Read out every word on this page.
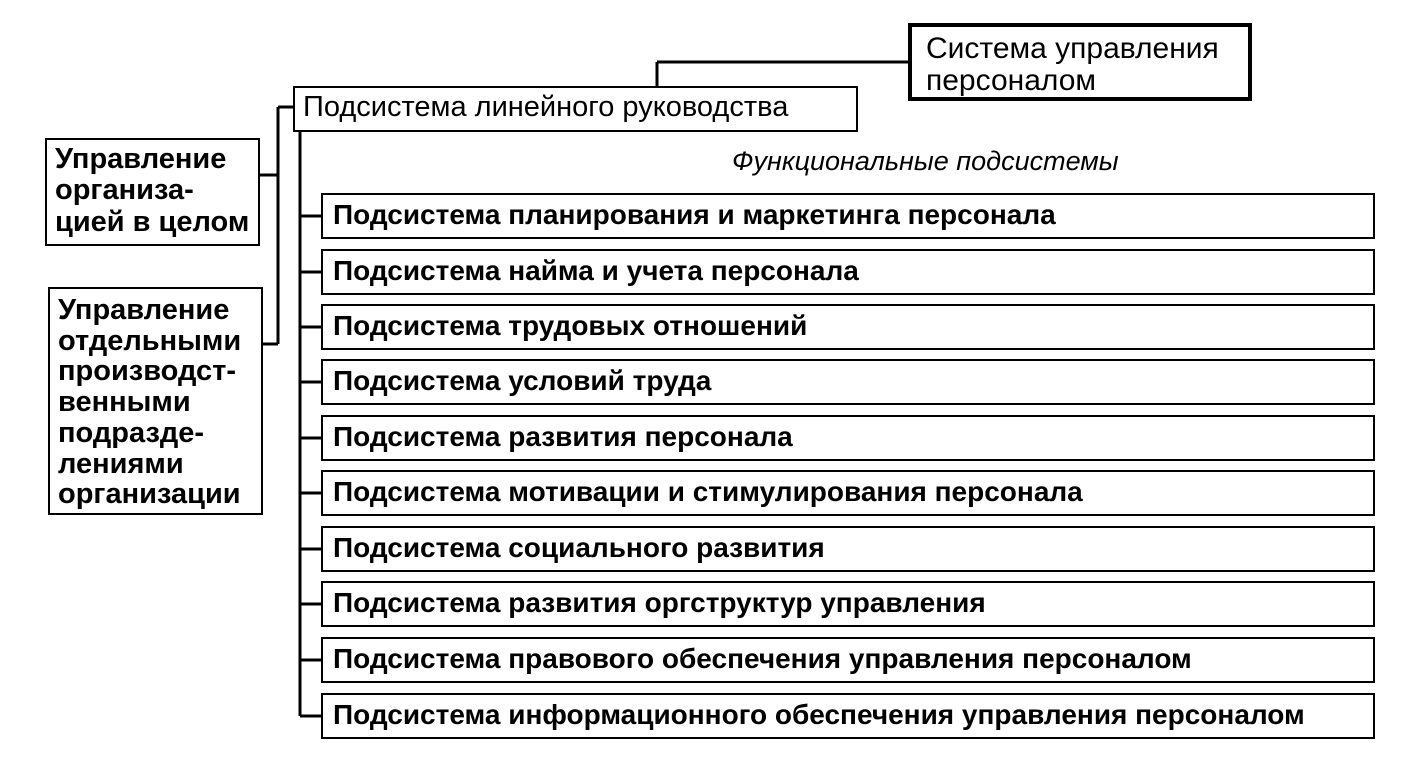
Система управления
персоналом
Подсистема линейного руководства
Управление
организа-
цией в целом
Управление
отдельными
производст-
венными
подразде-
лениями
организации
Функциональные подсистемы
Подсистема планирования и маркетинга персонала
Подсистема найма и учета персонала
Подсистема трудовых отношений
Подсистема условий труда
Подсистема развития персонала
Подсистема мотивации и стимулирования персонала
Подсистема социального развития
Подсистема развития оргструктур управления
Подсистема правового обеспечения управления персоналом
Подсистема информационного обеспечения управления персоналом
